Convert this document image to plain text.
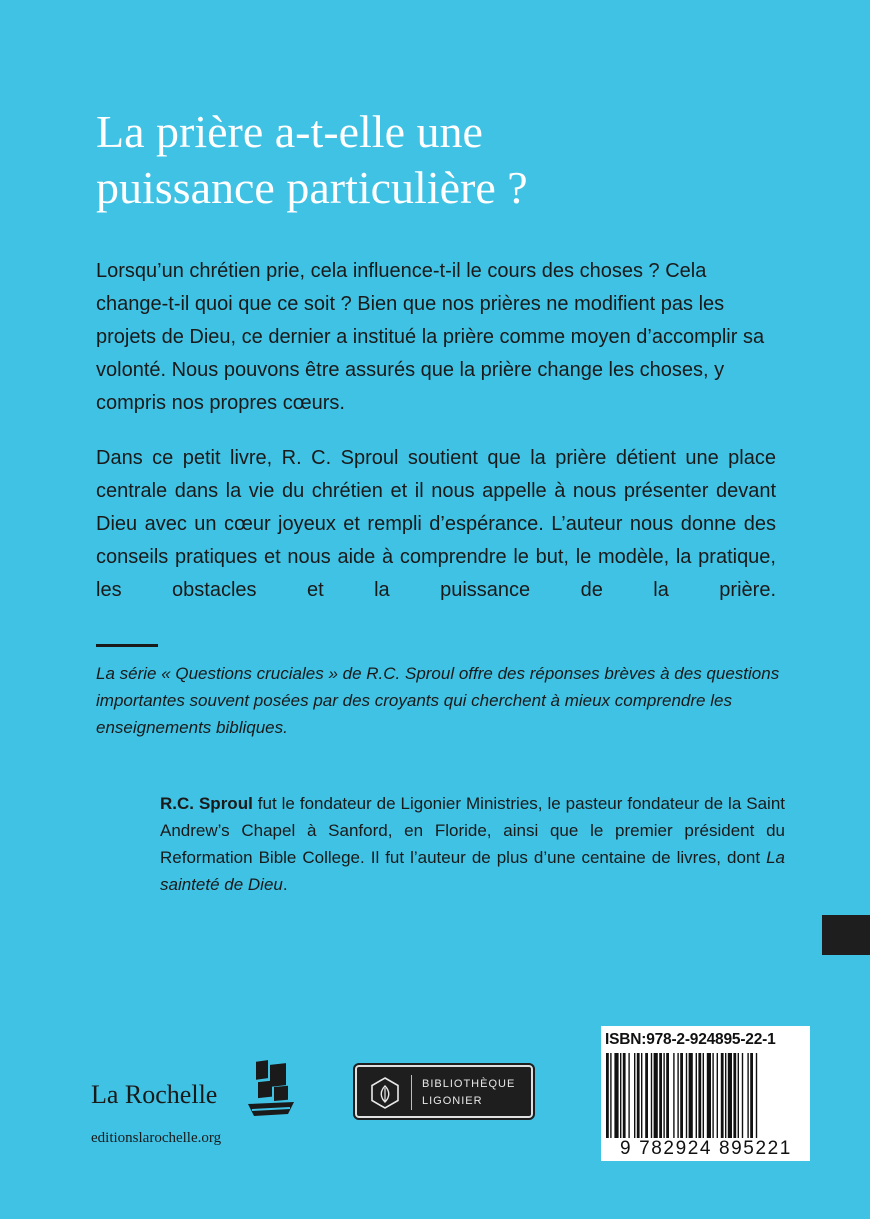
La prière a-t-elle une
puissance particulière ?

Lorsqu’un chrétien prie, cela influence-t-il le cours des choses ? Cela change-t-il quoi que ce soit ? Bien que nos prières ne modifient pas les projets de Dieu, ce dernier a institué la prière comme moyen d’accomplir sa volonté. Nous pouvons être assurés que la prière change les choses, y compris nos propres cœurs.

Dans ce petit livre, R. C. Sproul soutient que la prière détient une place centrale dans la vie du chrétien et il nous appelle à nous présenter devant Dieu avec un cœur joyeux et rempli d’espérance. L’auteur nous donne des conseils pratiques et nous aide à comprendre le but, le modèle, la pratique, les obstacles et la puissance de la prière.

La série « Questions cruciales » de R.C. Sproul offre des réponses brèves à des questions importantes souvent posées par des croyants qui cherchent à mieux comprendre les enseignements bibliques.

R.C. Sproul fut le fondateur de Ligonier Ministries, le pasteur fondateur de la Saint Andrew’s Chapel à Sanford, en Floride, ainsi que le premier président du Reformation Bible College. Il fut l’auteur de plus d’une centaine de livres, dont La sainteté de Dieu.

La Rochelle
editionslarochelle.org
BIBLIOTHÈQUE
LIGONIER
ISBN:978-2-924895-22-1
9 782924 895221
